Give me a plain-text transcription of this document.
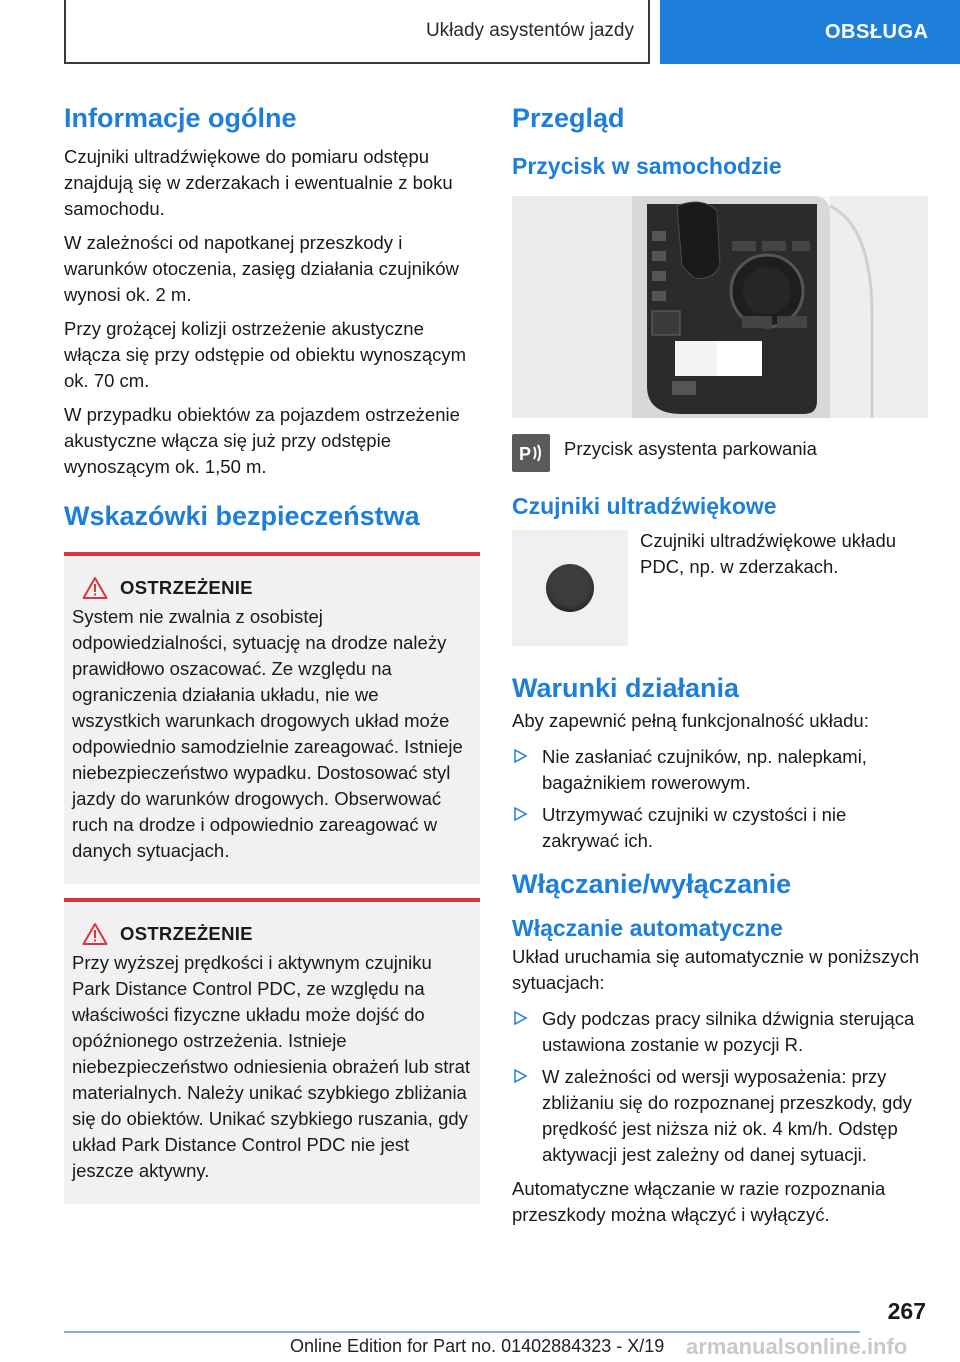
Układy asystentów jazdy	OBSŁUGA
Informacje ogólne

Czujniki ultradźwiękowe do pomiaru odstępu znajdują się w zderzakach i ewentualnie z boku samochodu.

W zależności od napotkanej przeszkody i warunków otoczenia, zasięg działania czujników wynosi ok. 2 m.

Przy grożącej kolizji ostrzeżenie akustyczne włącza się przy odstępie od obiektu wynoszącym ok. 70 cm.

W przypadku obiektów za pojazdem ostrzeżenie akustyczne włącza się już przy odstępie wynoszącym ok. 1,50 m.

Wskazówki bezpieczeństwa
OSTRZEŻENIE

System nie zwalnia z osobistej odpowiedzialności, sytuację na drodze należy prawidłowo oszacować. Ze względu na ograniczenia działania układu, nie we wszystkich warunkach drogowych układ może odpowiednio samodzielnie zareagować. Istnieje niebezpieczeństwo wypadku. Dostosować styl jazdy do warunków drogowych. Obserwować ruch na drodze i odpowiednio zareagować w danych sytuacjach.

OSTRZEŻENIE

Przy wyższej prędkości i aktywnym czujniku Park Distance Control PDC, ze względu na właściwości fizyczne układu może dojść do opóźnionego ostrzeżenia. Istnieje niebezpieczeństwo odniesienia obrażeń lub strat materialnych. Należy unikać szybkiego zbliżania się do obiektów. Unikać szybkiego ruszania, gdy układ Park Distance Control PDC nie jest jeszcze aktywny.

Przegląd
Przycisk w samochodzie
P Przycisk asystenta parkowania

Czujniki ultradźwiękowe

Czujniki ultradźwiękowe układu PDC, np. w zderzakach.

Warunki działania

Aby zapewnić pełną funkcjonalność układu:

Nie zasłaniać czujników, np. nalepkami, bagażnikiem rowerowym.
Utrzymywać czujniki w czystości i nie zakrywać ich.
Włączanie/wyłączanie
Włączanie automatyczne

Układ uruchamia się automatycznie w poniższych sytuacjach:

Gdy podczas pracy silnika dźwignia sterująca ustawiona zostanie w pozycji R.
W zależności od wersji wyposażenia: przy zbliżaniu się do rozpoznanej przeszkody, gdy prędkość jest niższa niż ok. 4 km/h. Odstęp aktywacji jest zależny od danej sytuacji.

Automatyczne włączanie w razie rozpoznania przeszkody można włączyć i wyłączyć.

267
Online Edition for Part no. 01402884323 - X/19 armanualsonline.info
